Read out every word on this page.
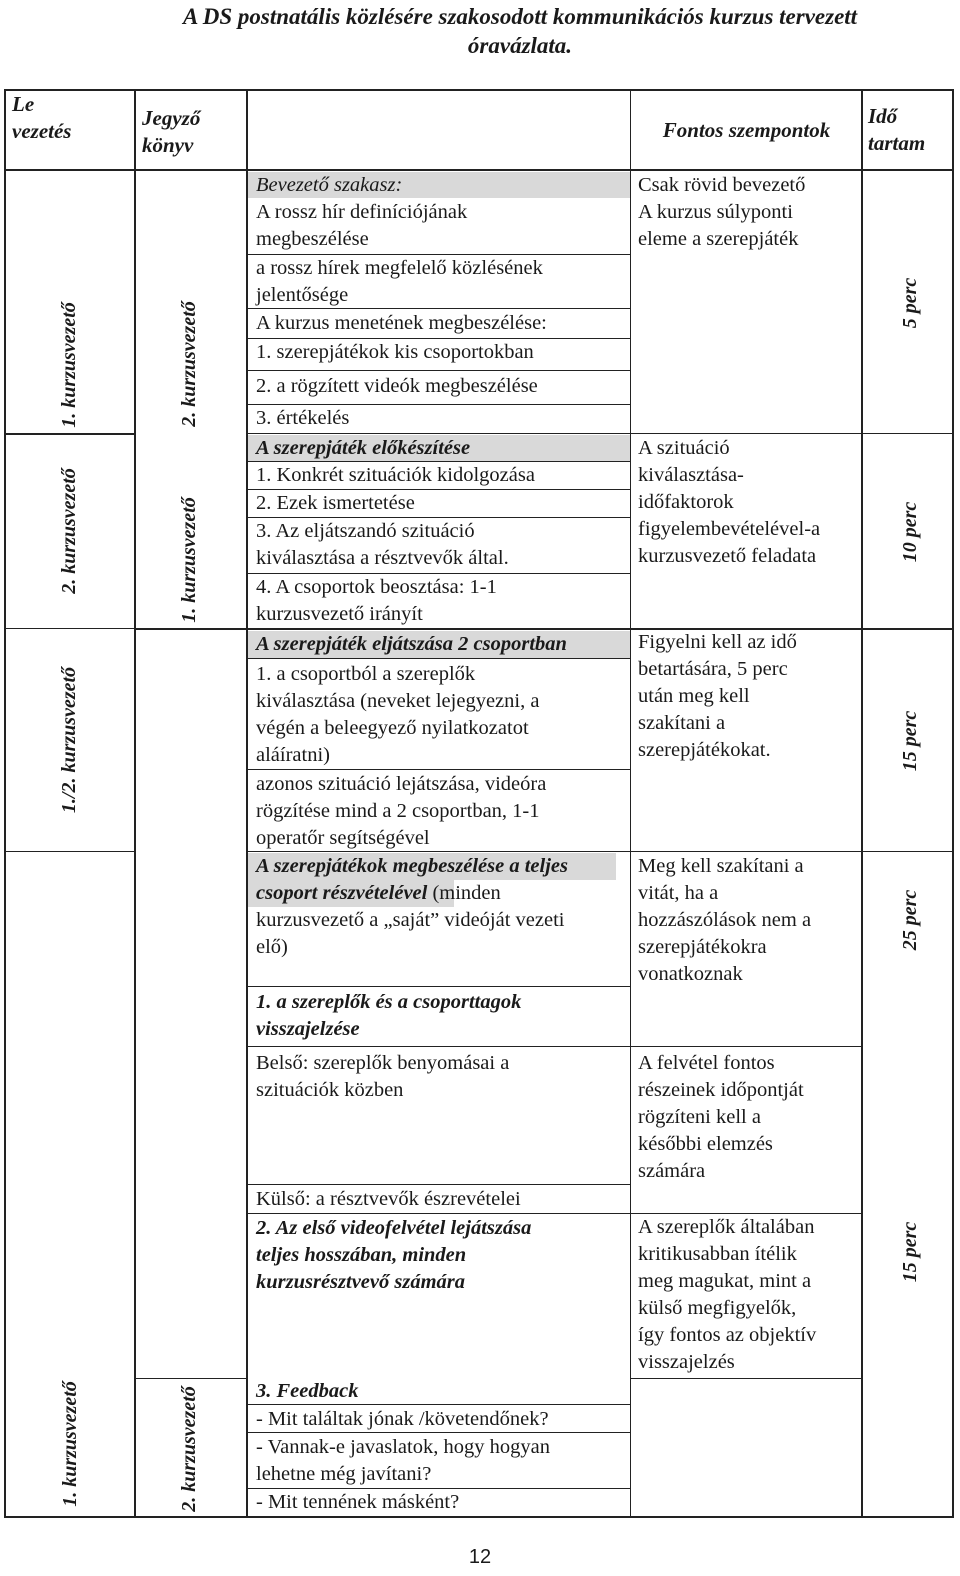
A DS postnatális közlésére szakosodott kommunikációs kurzus tervezett
óravázlata.
Le
vezetés
Jegyző
könyv
Fontos szempontok
Idő
tartam
1. kurzusvezető
2. kurzusvezető
1./2. kurzusvezető
1. kurzusvezető
2. kurzusvezető
1. kurzusvezető
2. kurzusvezető
5 perc
10 perc
15 perc
25 perc
15 perc
Bevezető szakasz:
A rossz hír definíciójának
megbeszélése
a rossz hírek megfelelő közlésének
jelentősége
A kurzus menetének megbeszélése:
1. szerepjátékok kis csoportokban
2. a rögzített videók megbeszélése
3. értékelés
A szerepjáték előkészítése
1. Konkrét szituációk kidolgozása
2. Ezek ismertetése
3. Az eljátszandó szituáció
kiválasztása a résztvevők által.
4. A csoportok beosztása: 1-1
kurzusvezető irányít
A szerepjáték eljátszása 2 csoportban
1. a csoportból a szereplők
kiválasztása (neveket lejegyezni, a
végén a beleegyező nyilatkozatot
aláíratni)
azonos szituáció lejátszása, videóra
rögzítése mind a 2 csoportban, 1-1
operatőr segítségével
A szerepjátékok megbeszélése a teljes
csoport részvételével (minden
kurzusvezető a „saját” videóját vezeti
elő)
1. a szereplők és a csoporttagok
visszajelzése
Belső: szereplők benyomásai a
szituációk közben
Külső: a résztvevők észrevételei
2. Az első videofelvétel lejátszása
teljes hosszában, minden
kurzusrésztvevő számára
3. Feedback
- Mit találtak jónak /követendőnek?
- Vannak-e javaslatok, hogy hogyan
lehetne még javítani?
- Mit tennének másként?
Csak rövid bevezető
A kurzus súlyponti
eleme a szerepjáték
A szituáció
kiválasztása-
időfaktorok
figyelembevételével-a
kurzusvezető feladata
Figyelni kell az idő
betartására, 5 perc
után meg kell
szakítani a
szerepjátékokat.
Meg kell szakítani a
vitát, ha a
hozzászólások nem a
szerepjátékokra
vonatkoznak
A felvétel fontos
részeinek időpontját
rögzíteni kell a
későbbi elemzés
számára
A szereplők általában
kritikusabban ítélik
meg magukat, mint a
külső megfigyelők,
így fontos az objektív
visszajelzés
12
